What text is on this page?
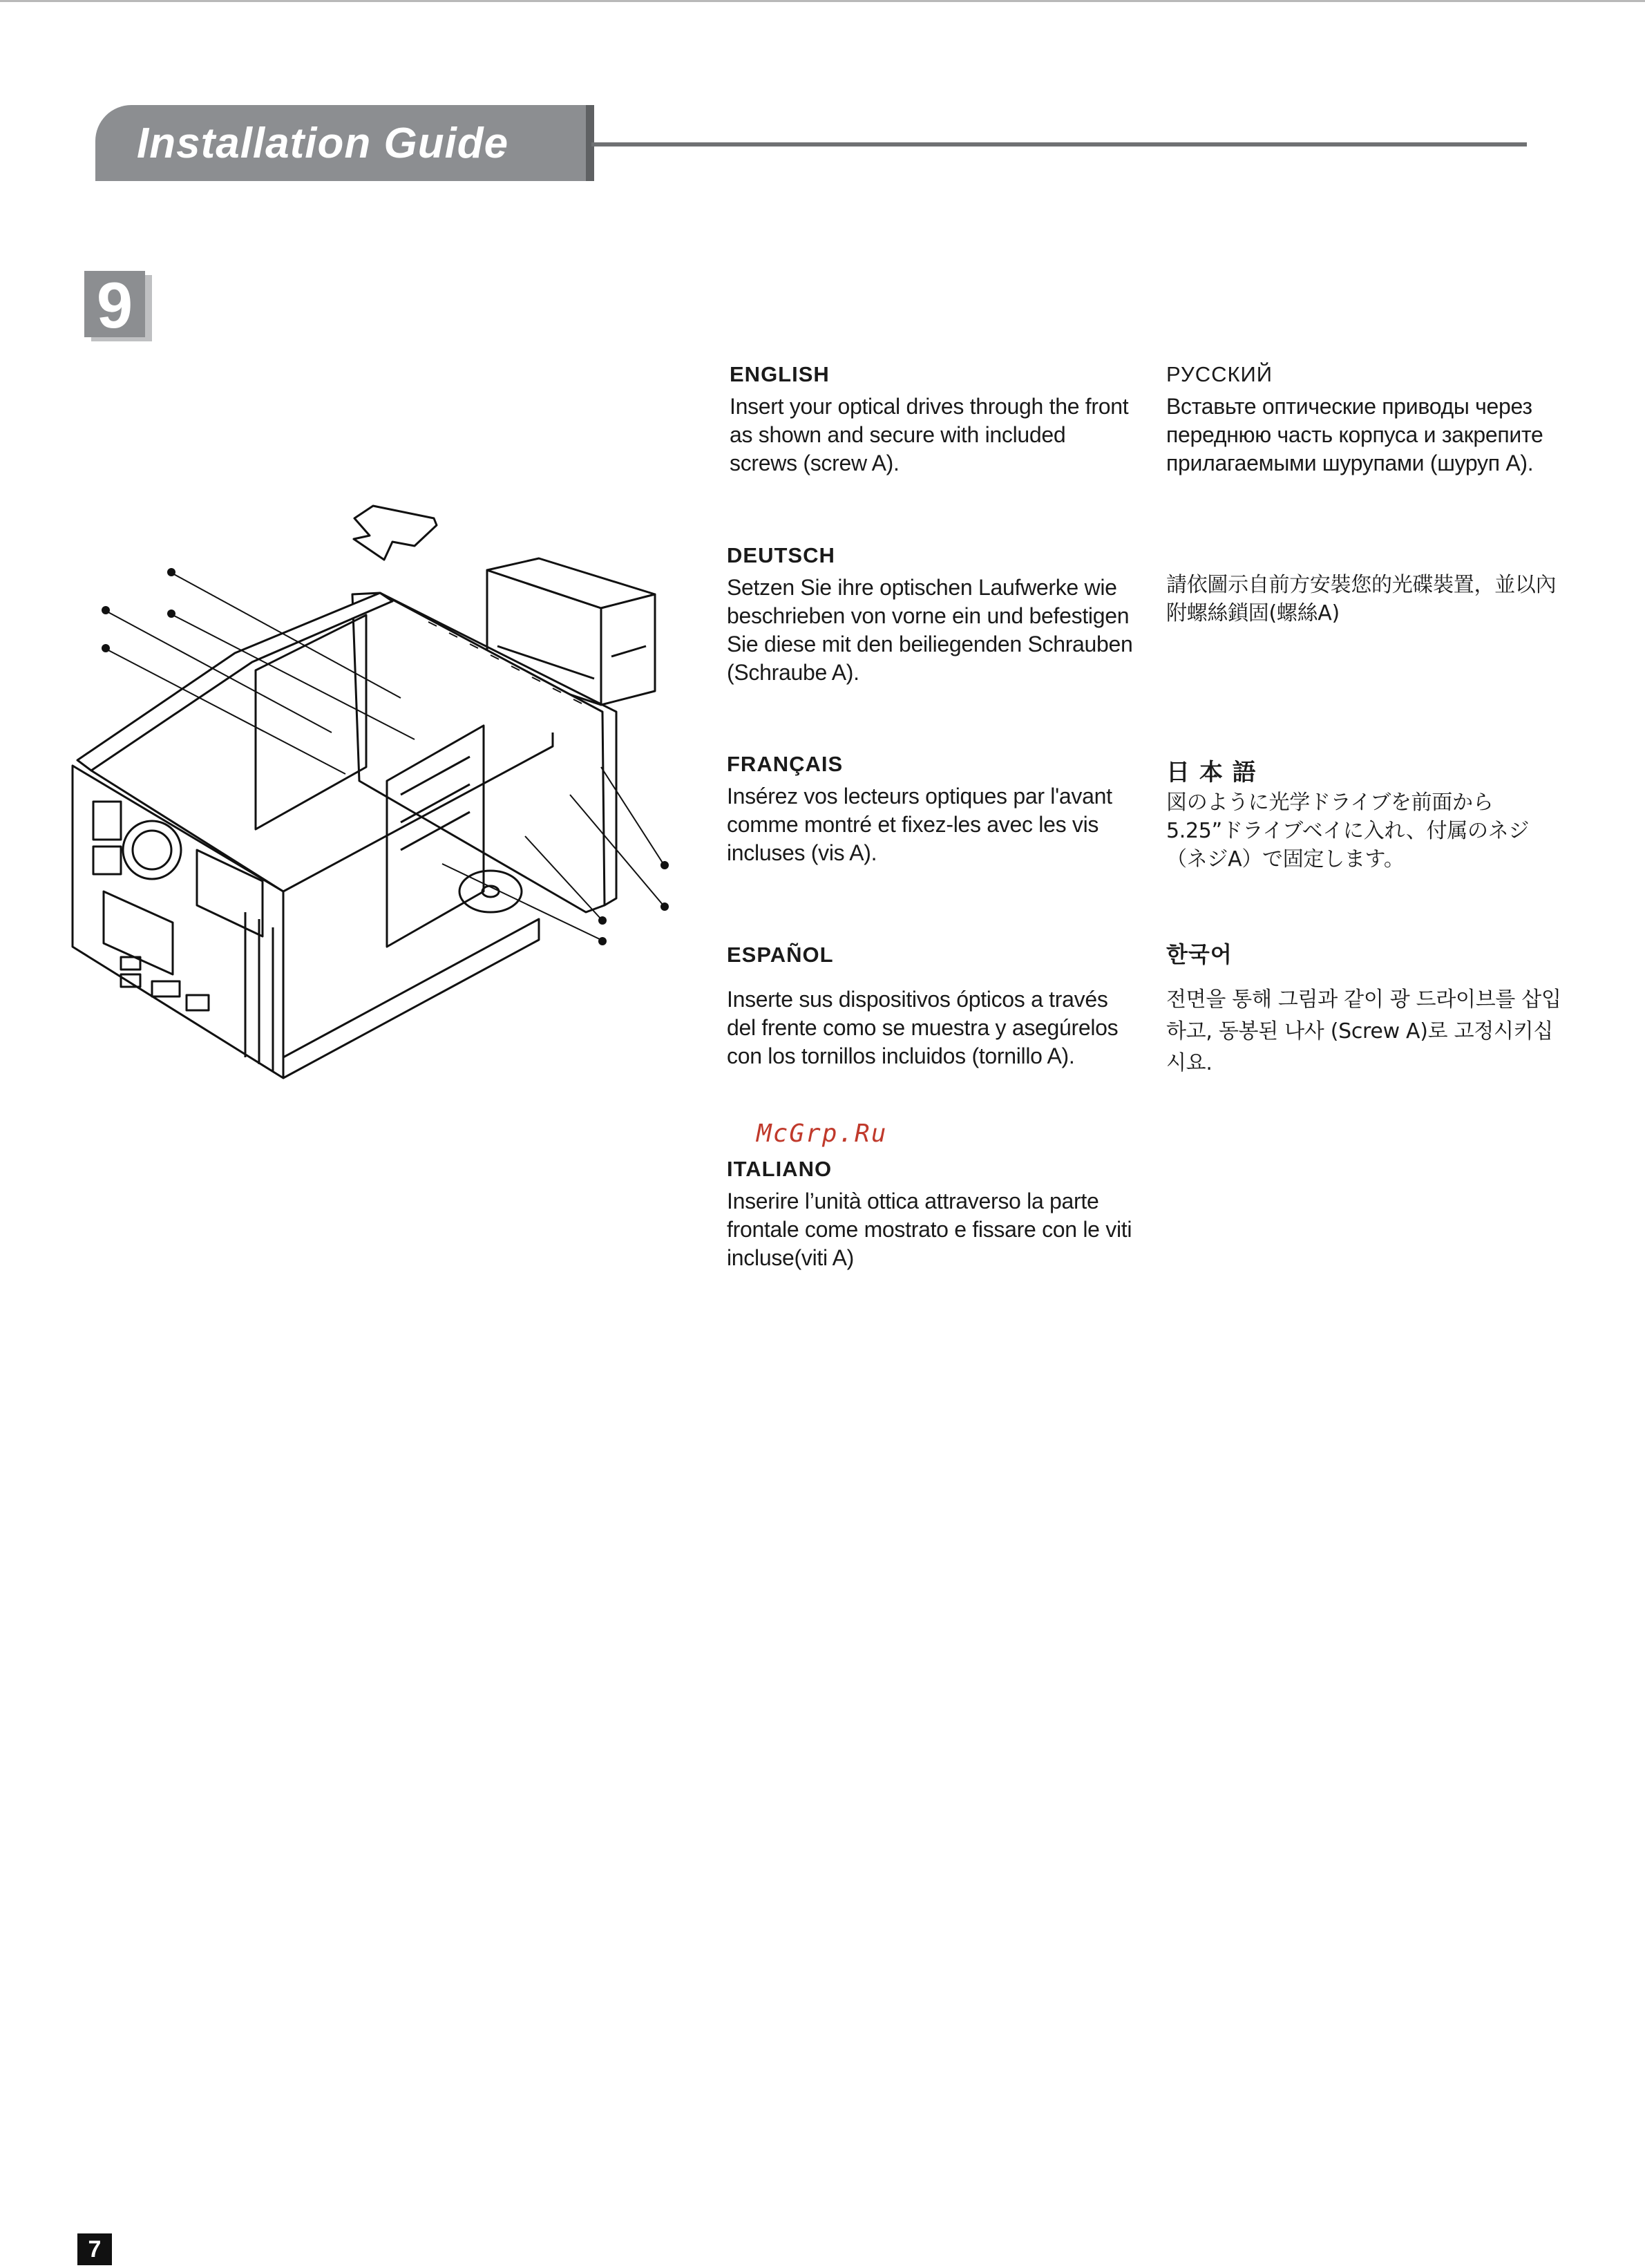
Installation Guide
9

ENGLISH

Insert your optical drives through the front as shown and secure with included screws (screw A).

DEUTSCH

Setzen Sie ihre optischen Laufwerke wie beschrieben von vorne ein und befestigen Sie diese mit den beiliegenden Schrauben (Schraube A).

FRANÇAIS

Insérez vos lecteurs optiques par l'avant comme montré et fixez-les avec les vis incluses (vis A).

ESPAÑOL

Inserte sus dispositivos ópticos a través del frente como se muestra y asegúrelos con los tornillos incluidos (tornillo A).

McGrp.Ru

ITALIANO

Inserire l’unità ottica attraverso la parte frontale come mostrato e fissare con le viti incluse(viti A)

РУССКИЙ

Вставьте оптические приводы через переднюю часть корпуса и закрепите прилагаемыми шурупами (шуруп А).

請依圖示自前方安裝您的光碟裝置，並以內附螺絲鎖固(螺絲A)

日 本 語

図のように光学ドライブを前面から5.25”ドライブベイに入れ、付属のネジ（ネジA）で固定します。

한국어

전면을 통해 그림과 같이 광 드라이브를 삽입하고, 동봉된 나사 (Screw A)로 고정시키십시요.

7
